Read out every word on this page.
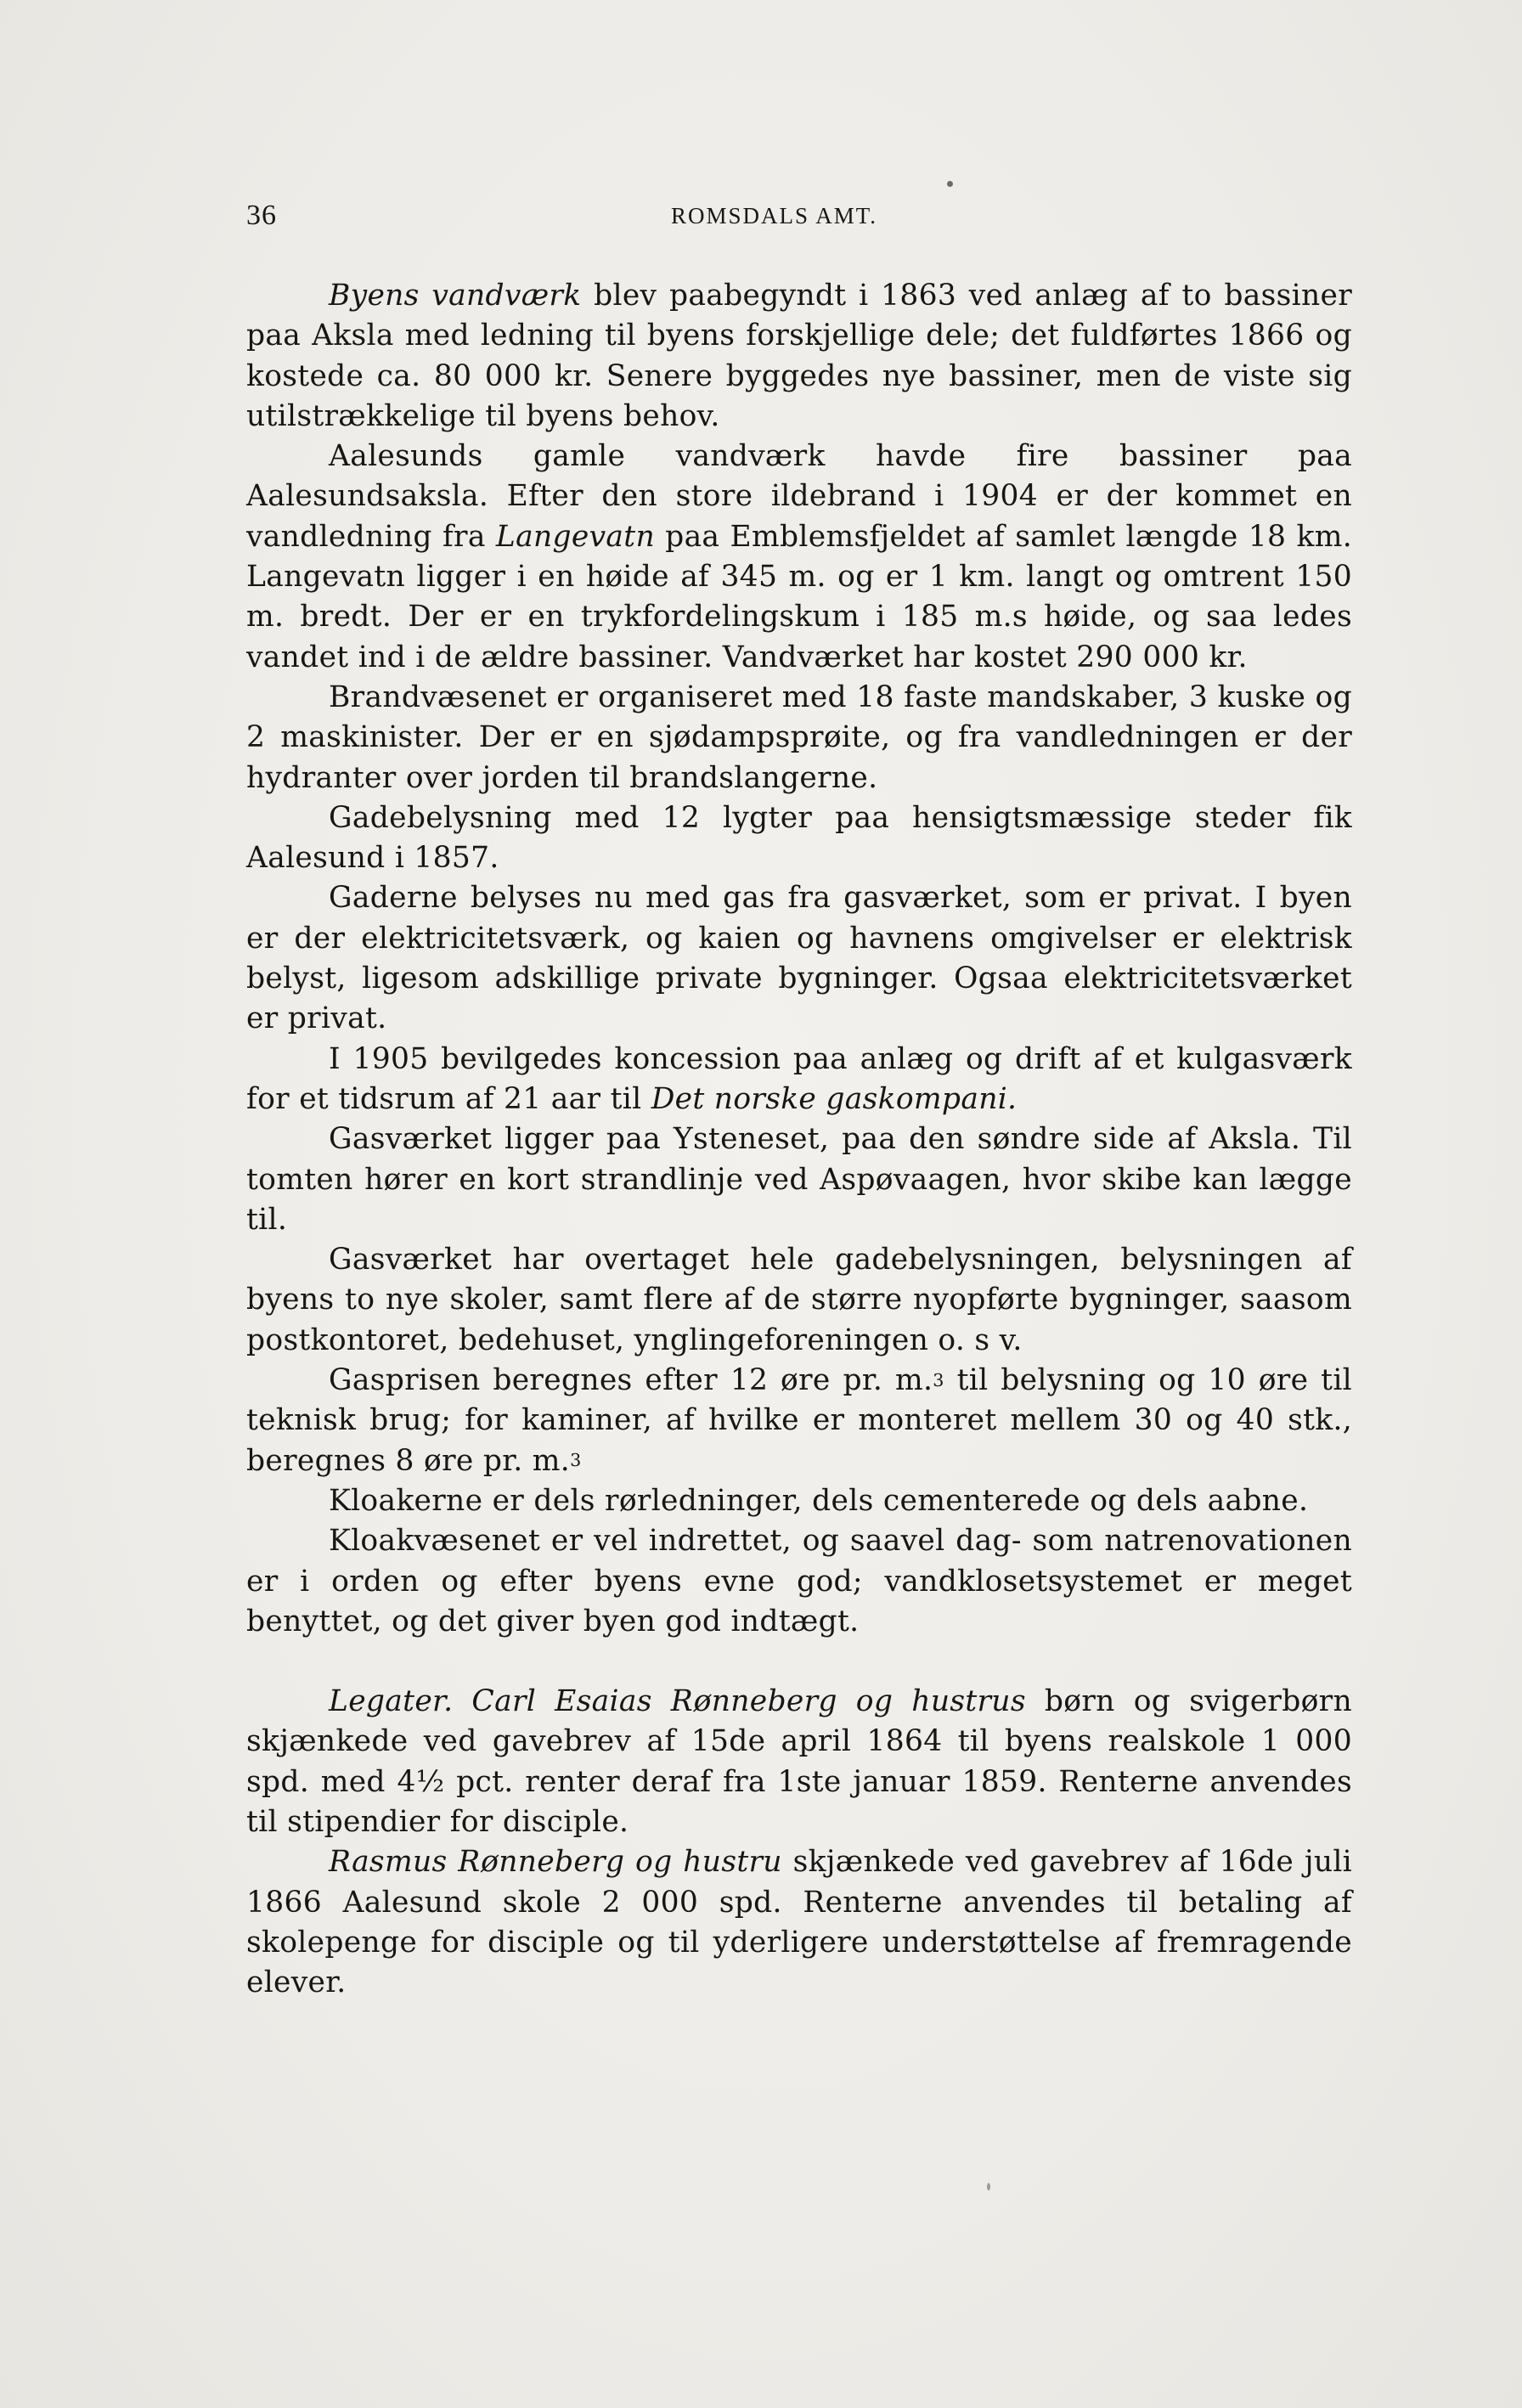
36	ROMSDALS AMT.

Byens vandværk blev paabegyndt i 1863 ved anlæg af to bassiner paa Aksla med ledning til byens forskjellige dele; det fuldførtes 1866 og kostede ca. 80 000 kr. Senere byggedes nye bassiner, men de viste sig utilstrækkelige til byens behov.

Aalesunds gamle vandværk havde fire bassiner paa Aalesundsaksla. Efter den store ildebrand i 1904 er der kommet en vandledning fra Langevatn paa Emblemsfjeldet af samlet længde 18 km. Langevatn ligger i en høide af 345 m. og er 1 km. langt og omtrent 150 m. bredt. Der er en trykfordelingskum i 185 m.s høide, og saa ledes vandet ind i de ældre bassiner. Vandværket har kostet 290 000 kr.

Brandvæsenet er organiseret med 18 faste mandskaber, 3 kuske og 2 maskinister. Der er en sjødampsprøite, og fra vandledningen er der hydranter over jorden til brandslangerne.

Gadebelysning med 12 lygter paa hensigtsmæssige steder fik Aalesund i 1857.

Gaderne belyses nu med gas fra gasværket, som er privat. I byen er der elektricitetsværk, og kaien og havnens omgivelser er elektrisk belyst, ligesom adskillige private bygninger. Ogsaa elektricitetsværket er privat.

I 1905 bevilgedes koncession paa anlæg og drift af et kulgasværk for et tidsrum af 21 aar til Det norske gaskompani.

Gasværket ligger paa Ysteneset, paa den søndre side af Aksla. Til tomten hører en kort strandlinje ved Aspøvaagen, hvor skibe kan lægge til.

Gasværket har overtaget hele gadebelysningen, belysningen af byens to nye skoler, samt flere af de større nyopførte bygninger, saasom postkontoret, bedehuset, ynglingeforeningen o. s v.

Gasprisen beregnes efter 12 øre pr. m.$^3$ til belysning og 10 øre til teknisk brug; for kaminer, af hvilke er monteret mellem 30 og 40 stk., beregnes 8 øre pr. m.$^3$

Kloakerne er dels rørledninger, dels cementerede og dels aabne.

Kloakvæsenet er vel indrettet, og saavel dag- som natrenovationen er i orden og efter byens evne god; vandklosetsystemet er meget benyttet, og det giver byen god indtægt.

Legater. Carl Esaias Rønneberg og hustrus børn og svigerbørn skjænkede ved gavebrev af 15de april 1864 til byens realskole 1 000 spd. med 4½ pct. renter deraf fra 1ste januar 1859. Renterne anvendes til stipendier for disciple.

Rasmus Rønneberg og hustru skjænkede ved gavebrev af 16de juli 1866 Aalesund skole 2 000 spd. Renterne anvendes til betaling af skolepenge for disciple og til yderligere understøttelse af fremragende elever.
